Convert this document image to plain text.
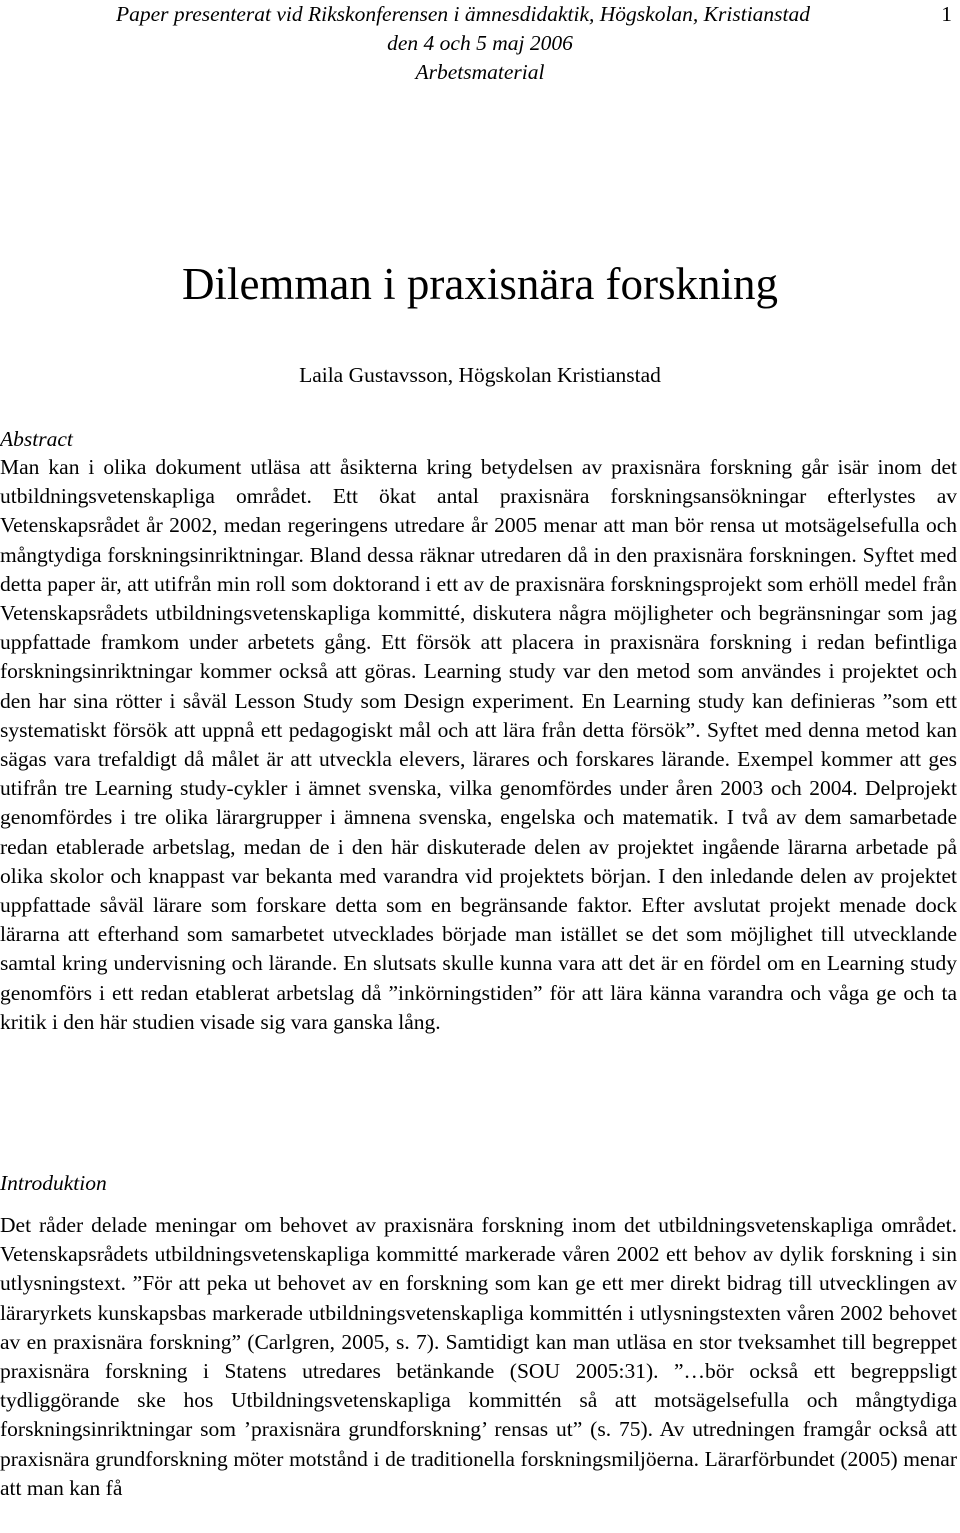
Paper presenterat vid Rikskonferensen i ämnesdidaktik, Högskolan, Kristianstad
den 4 och 5 maj 2006
Arbetsmaterial
1
Dilemman i praxisnära forskning
Laila Gustavsson, Högskolan Kristianstad
Abstract

Man kan i olika dokument utläsa att åsikterna kring betydelsen av praxisnära forskning går isär inom det utbildningsvetenskapliga området. Ett ökat antal praxisnära forskningsansökningar efterlystes av Vetenskapsrådet år 2002, medan regeringens utredare år 2005 menar att man bör rensa ut motsägelsefulla och mångtydiga forskningsinriktningar. Bland dessa räknar utredaren då in den praxisnära forskningen. Syftet med detta paper är, att utifrån min roll som doktorand i ett av de praxisnära forskningsprojekt som erhöll medel från Vetenskapsrådets utbildningsvetenskapliga kommitté, diskutera några möjligheter och begränsningar som jag uppfattade framkom under arbetets gång. Ett försök att placera in praxisnära forskning i redan befintliga forskningsinriktningar kommer också att göras. Learning study var den metod som användes i projektet och den har sina rötter i såväl Lesson Study som Design experiment. En Learning study kan definieras ”som ett systematiskt försök att uppnå ett pedagogiskt mål och att lära från detta försök”. Syftet med denna metod kan sägas vara trefaldigt då målet är att utveckla elevers, lärares och forskares lärande. Exempel kommer att ges utifrån tre Learning study-cykler i ämnet svenska, vilka genomfördes under åren 2003 och 2004. Delprojekt genomfördes i tre olika lärargrupper i ämnena svenska, engelska och matematik. I två av dem samarbetade redan etablerade arbetslag, medan de i den här diskuterade delen av projektet ingående lärarna arbetade på olika skolor och knappast var bekanta med varandra vid projektets början. I den inledande delen av projektet uppfattade såväl lärare som forskare detta som en begränsande faktor. Efter avslutat projekt menade dock lärarna att efterhand som samarbetet utvecklades började man istället se det som möjlighet till utvecklande samtal kring undervisning och lärande. En slutsats skulle kunna vara att det är en fördel om en Learning study genomförs i ett redan etablerat arbetslag då ”inkörningstiden” för att lära känna varandra och våga ge och ta kritik i den här studien visade sig vara ganska lång.

Introduktion

Det råder delade meningar om behovet av praxisnära forskning inom det utbildningsvetenskapliga området. Vetenskapsrådets utbildningsvetenskapliga kommitté markerade våren 2002 ett behov av dylik forskning i sin utlysningstext. ”För att peka ut behovet av en forskning som kan ge ett mer direkt bidrag till utvecklingen av läraryrkets kunskapsbas markerade utbildningsvetenskapliga kommittén i utlysningstexten våren 2002 behovet av en praxisnära forskning” (Carlgren, 2005, s. 7). Samtidigt kan man utläsa en stor tveksamhet till begreppet praxisnära forskning i Statens utredares betänkande (SOU 2005:31). ”…bör också ett begreppsligt tydliggörande ske hos Utbildningsvetenskapliga kommittén så att motsägelsefulla och mångtydiga forskningsinriktningar som ’praxisnära grundforskning’ rensas ut” (s. 75). Av utredningen framgår också att praxisnära grundforskning möter motstånd i de traditionella forskningsmiljöerna. Lärarförbundet (2005) menar att man kan få
